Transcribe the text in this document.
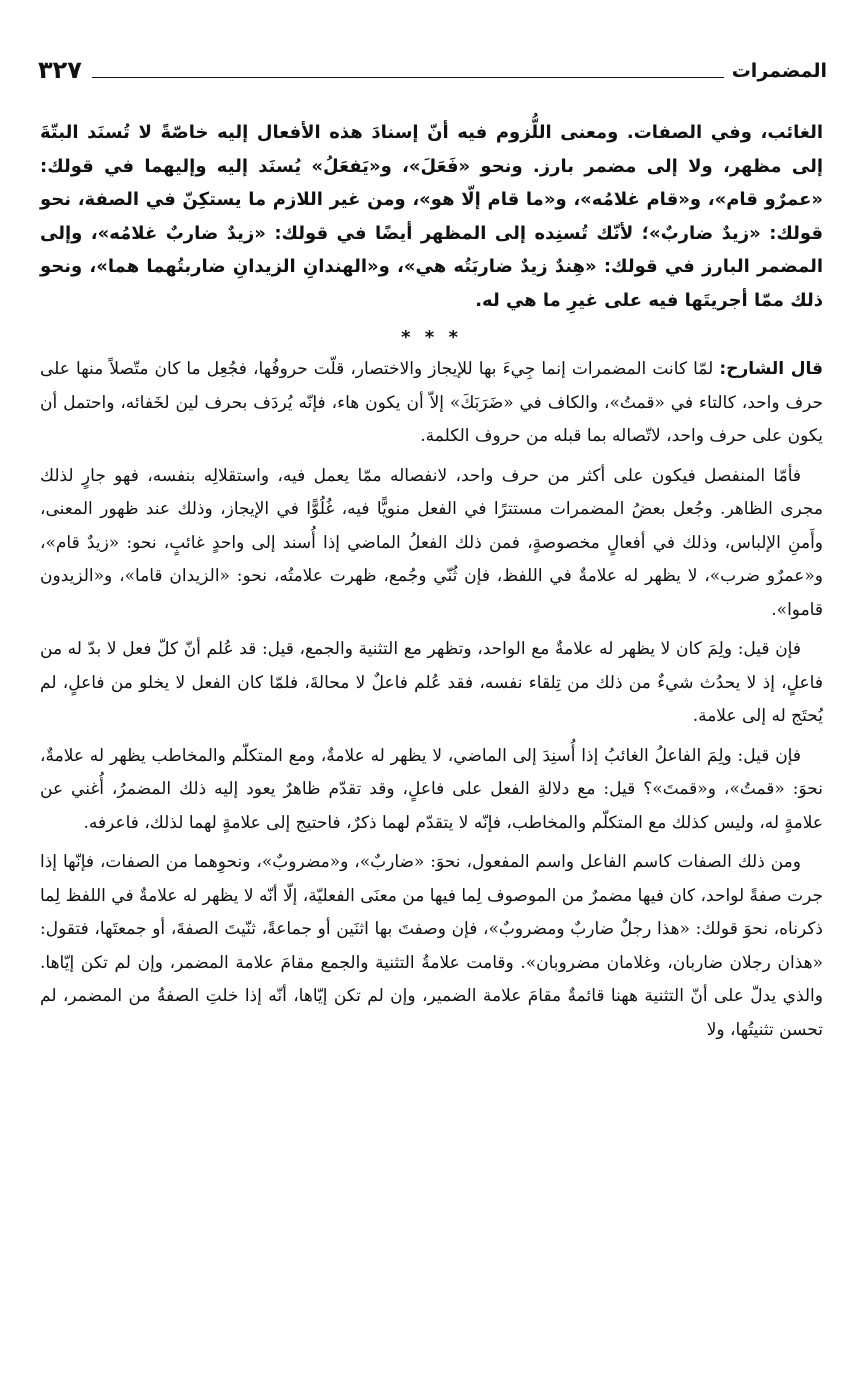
المضمرات
٣٢٧

الغائب، وفي الصفات. ومعنى اللُّزوم فيه أنّ إسنادَ هذه الأفعال إليه خاصّةً لا تُسنَد البتّةَ إلى مظهر، ولا إلى مضمر بارز. ونحو «فَعَلَ»، و«يَفعَلُ» يُسنَد إليه وإليهما في قولك: «عمرٌو قام»، و«قام غلامُه»، و«ما قام إلّا هو»، ومن غير اللازم ما يستكِنّ في الصفة، نحو قولك: «زيدٌ ضاربٌ»؛ لأنّك تُسنِده إلى المظهر أيضًا في قولك: «زيدٌ ضاربٌ غلامُه»، وإلى المضمر البارز في قولك: «هِندٌ زيدٌ ضاربَتُه هي»، و«الهندانِ الزيدانِ ضاربتُهما هما»، ونحو ذلك ممّا أجريتَها فيه على غيرِ ما هي له.

* * *

قال الشارح: لمّا كانت المضمرات إنما جِيءَ بها للإيجاز والاختصار، قلّت حروفُها، فجُعِل ما كان متّصلاً منها على حرف واحد، كالتاء في «قمتُ»، والكاف في «ضَرَبَكَ» إلاّ أن يكون هاء، فإنّه يُردَف بحرف لين لخَفائه، واحتمل أن يكون على حرف واحد، لاتّصاله بما قبله من حروف الكلمة.

فأمّا المنفصل فيكون على أكثر من حرف واحد، لانفصاله ممّا يعمل فيه، واستقلالِه بنفسه، فهو جارٍ لذلك مجرى الظاهر. وجُعل بعضُ المضمرات مستترًا في الفعل منويًّا فيه، غُلُوًّا في الإيجاز، وذلك عند ظهور المعنى، وأَمنِ الإلباس، وذلك في أفعالٍ مخصوصةٍ، فمن ذلك الفعلُ الماضي إذا أُسند إلى واحدٍ غائبٍ، نحو: «زيدٌ قام»، و«عمرٌو ضرب»، لا يظهر له علامةٌ في اللفظ، فإن ثُنّي وجُمع، ظهرت علامتُه، نحو: «الزيدان قاما»، و«الزيدون قاموا».

فإن قيل: ولِمَ كان لا يظهر له علامةٌ مع الواحد، وتظهر مع التثنية والجمع، قيل: قد عُلم أنّ كلّ فعل لا بدّ له من فاعلٍ، إذ لا يحدُث شيءٌ من ذلك من تِلقاء نفسه، فقد عُلم فاعلٌ لا محالةَ، فلمّا كان الفعل لا يخلو من فاعلٍ، لم يُحتَج له إلى علامة.

فإن قيل: ولِمَ الفاعلُ الغائبُ إذا أُسنِدَ إلى الماضي، لا يظهر له علامةٌ، ومع المتكلّم والمخاطب يظهر له علامةٌ، نحوَ: «قمتُ»، و«قمتَ»؟ قيل: مع دلالةِ الفعل على فاعلٍ، وقد تقدّم ظاهرٌ يعود إليه ذلك المضمرُ، أُغني عن علامةٍ له، وليس كذلك مع المتكلّم والمخاطب، فإنّه لا يتقدّم لهما ذكرٌ، فاحتيج إلى علامةٍ لهما لذلك، فاعرفه.

ومن ذلك الصفات كاسم الفاعل واسم المفعول، نحوَ: «ضاربٌ»، و«مضروبٌ»، ونحوِهما من الصفات، فإنّها إذا جرت صفةً لواحد، كان فيها مضمرٌ من الموصوف لِما فيها من معنَى الفعليّة، إلّا أنّه لا يظهر له علامةٌ في اللفظ لِما ذكرناه، نحوَ قولك: «هذا رجلٌ ضاربٌ ومضروبٌ»، فإن وصفتَ بها اثنَين أو جماعةً، ثنّيتَ الصفةَ، أو جمعتَها، فتقول: «هذان رجلان ضاربان، وغلامان مضروبان». وقامت علامةُ التثنية والجمع مقامَ علامة المضمر، وإن لم تكن إيّاها. والذي يدلّ على أنّ التثنية ههنا قائمةٌ مقامَ علامة الضمير، وإن لم تكن إيّاها، أنّه إذا خلتِ الصفةُ من المضمر، لم تحسن تثنيتُها، ولا
